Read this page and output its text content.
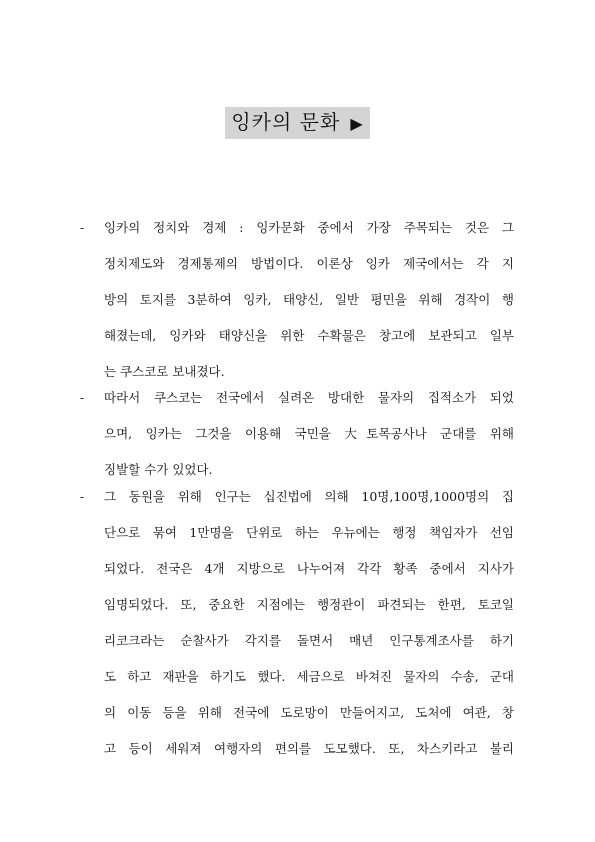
잉카의 문화 ▶
-	잉카의 정치와 경제 : 잉카문화 중에서 가장 주목되는 것은 그
정치제도와 경제통제의 방법이다. 이론상 잉카 제국에서는 각 지
방의 토지를 3분하여 잉카, 태양신, 일반 평민을 위해 경작이 행
해졌는데, 잉카와 태양신을 위한 수확물은 창고에 보관되고 일부
는 쿠스코로 보내졌다.
-	따라서 쿠스코는 전국에서 실려온 방대한 물자의 집적소가 되었
으며, 잉카는 그것을 이용해 국민을 大토목공사나 군대를 위해
징발할 수가 있었다.
-	그 동원을 위해 인구는 십진법에 의해 10명,100명,1000명의 집
단으로 묶여 1만명을 단위로 하는 우뉴에는 행정 책임자가 선임
되었다. 전국은 4개 지방으로 나누어져 각각 황족 중에서 지사가
임명되었다. 또, 중요한 지점에는 행정관이 파견되는 한편, 토코일
리코크라는 순찰사가 각지를 돌면서 매년 인구통계조사를 하기
도 하고 재판을 하기도 했다. 세금으로 바쳐진 물자의 수송, 군대
의 이동 등을 위해 전국에 도로망이 만들어지고, 도처에 여관, 창
고 등이 세워져 여행자의 편의를 도모했다. 또, 차스키라고 불리
